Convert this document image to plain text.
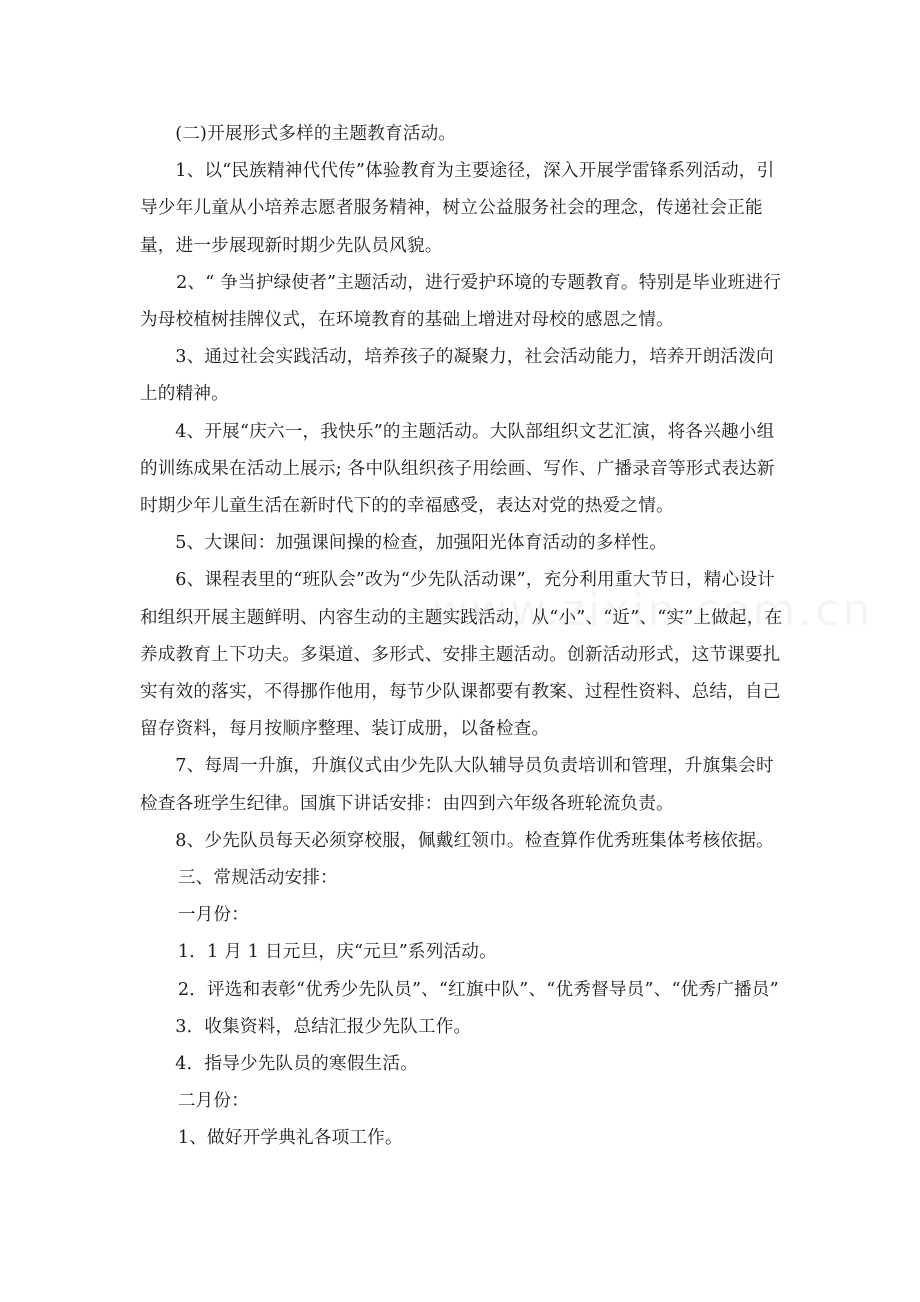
(二)开展形式多样的主题教育活动。

1、以“民族精神代代传”体验教育为主要途径，深入开展学雷锋系列活动，引导少年儿童从小培养志愿者服务精神，树立公益服务社会的理念，传递社会正能量，进一步展现新时期少先队员风貌。

2、“ 争当护绿使者”主题活动，进行爱护环境的专题教育。特别是毕业班进行为母校植树挂牌仪式，在环境教育的基础上增进对母校的感恩之情。

3、通过社会实践活动，培养孩子的凝聚力，社会活动能力，培养开朗活泼向上的精神。

4、开展“庆六一，我快乐”的主题活动。大队部组织文艺汇演，将各兴趣小组的训练成果在活动上展示; 各中队组织孩子用绘画、写作、广播录音等形式表达新时期少年儿童生活在新时代下的的幸福感受，表达对党的热爱之情。

5、大课间：加强课间操的检查，加强阳光体育活动的多样性。

6、课程表里的“班队会”改为“少先队活动课”，充分利用重大节日，精心设计和组织开展主题鲜明、内容生动的主题实践活动，从“小”、“近”、“实”上做起，在养成教育上下功夫。多渠道、多形式、安排主题活动。创新活动形式，这节课要扎实有效的落实，不得挪作他用，每节少队课都要有教案、过程性资料、总结，自己留存资料，每月按顺序整理、装订成册，以备检查。

7、每周一升旗，升旗仪式由少先队大队辅导员负责培训和管理，升旗集会时检查各班学生纪律。国旗下讲话安排：由四到六年级各班轮流负责。

8、少先队员每天必须穿校服，佩戴红领巾。检查算作优秀班集体考核依据。

三、常规活动安排：

一月份：

1．1 月 1 日元旦，庆“元旦”系列活动。

2．评选和表彰“优秀少先队员”、“红旗中队”、“优秀督导员”、“优秀广播员”

3．收集资料，总结汇报少先队工作。

4．指导少先队员的寒假生活。

二月份：

1、做好开学典礼各项工作。
